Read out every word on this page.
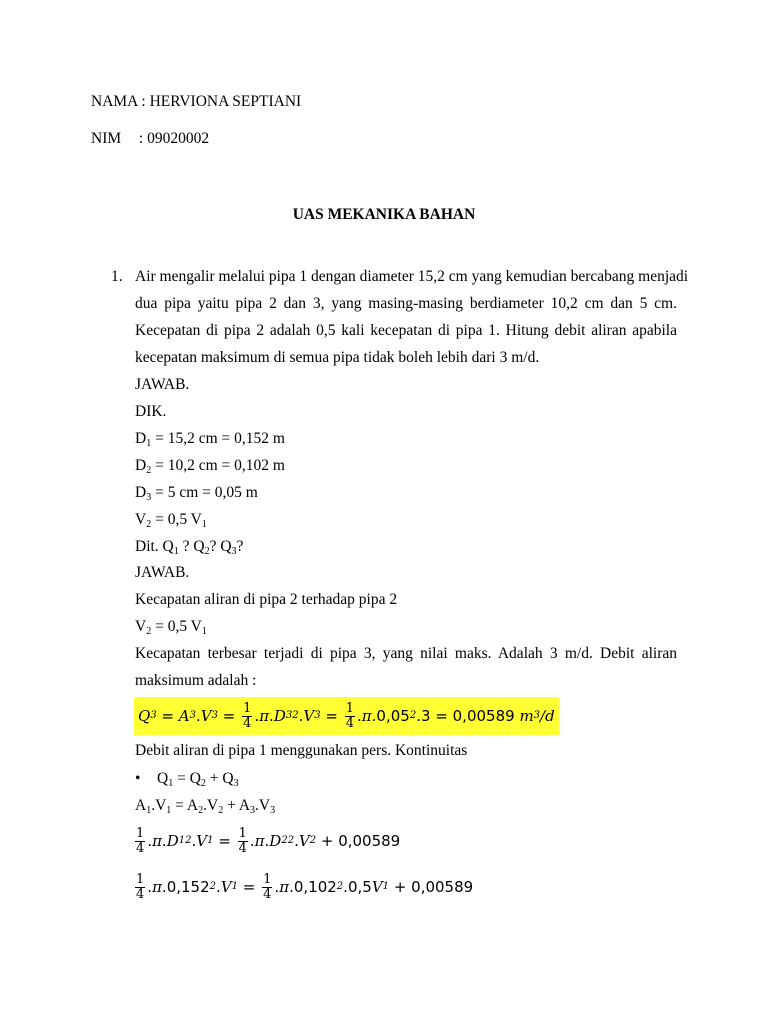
NAMA : HERVIONA SEPTIANI
NIM : 09020002
UAS MEKANIKA BAHAN
1. Air mengalir melalui pipa 1 dengan diameter 15,2 cm yang kemudian bercabang menjadi
dua pipa yaitu pipa 2 dan 3, yang masing-masing berdiameter 10,2 cm dan 5 cm.
Kecepatan di pipa 2 adalah 0,5 kali kecepatan di pipa 1. Hitung debit aliran apabila
kecepatan maksimum di semua pipa tidak boleh lebih dari 3 m/d.
JAWAB.
DIK.
$D_1 = 15,2$ cm = 0,152 m
$D_2 = 10,2$ cm = 0,102 m
$D_3 = 5$ cm = 0,05 m
$V_2 = 0,5$ $V_1$
Dit. $Q_1$ ? $Q_2$? $Q_3$?
JAWAB.
Kecapatan aliran di pipa 2 terhadap pipa 2
$V_2 = 0,5$ $V_1$
Kecapatan terbesar terjadi di pipa 3, yang nilai maks. Adalah 3 m/d. Debit aliran
maksimum adalah :
Q 3 = A 3 . V $3 = \frac{1}{4}$ . π . D 3 2 . V $3 = \frac{1}{4}$ . π . 0,05 2 . 3 = 0,00589 m 3 /d
Debit aliran di pipa 1 menggunakan pers. Kontinuitas
• $Q_1 = Q_2 + Q_3$
$A_1.V_1 = A_2.V_2 + A_3.V_3$
$\frac{1}{4}$ . π . D 1 2 . V $1 = \frac{1}{4}$ . π . D 2 2 . V 2
+ 0,00589
$\frac{1}{4}$ . π . 0,152 2 . V $1 = \frac{1}{4}$ . π . 0,102 2 . 0,5 V 1
+ 0,00589
